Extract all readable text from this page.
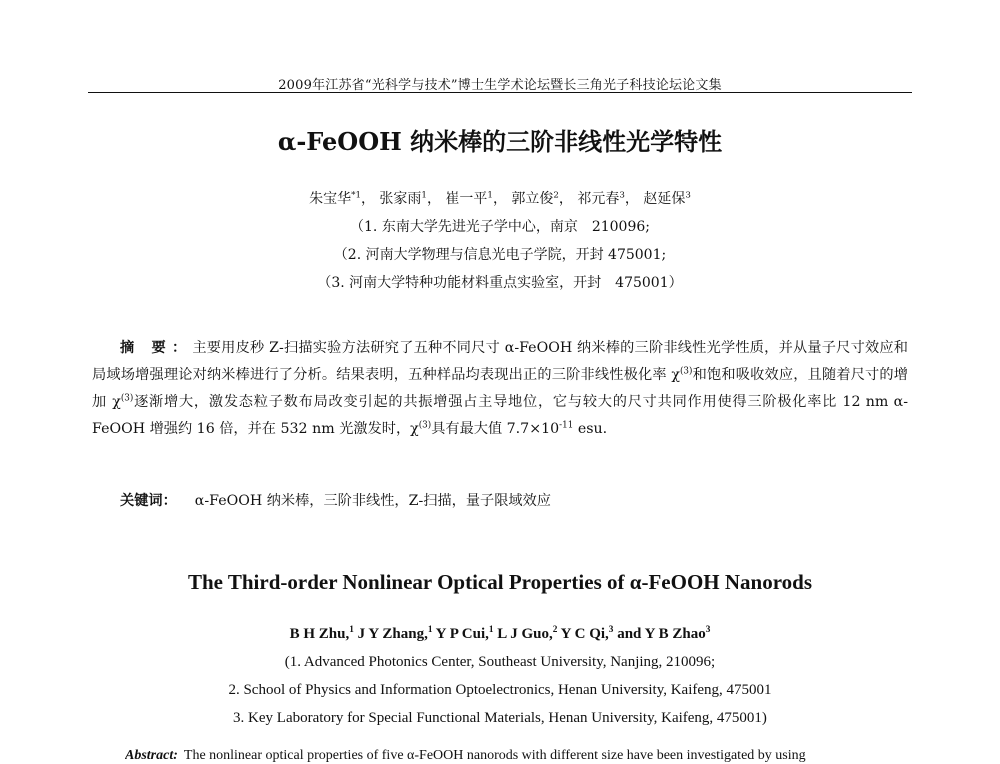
2009年江苏省“光科学与技术”博士生学术论坛暨长三角光子科技论坛论文集
α-FeOOH 纳米棒的三阶非线性光学特性
朱宝华$^{*1}$， 张家雨$^1$， 崔一平$^1$， 郭立俊$^2$， 祁元春$^3$， 赵延保$^3$
（1. 东南大学先进光子学中心，南京　210096;
（2. 河南大学物理与信息光电子学院，开封 475001;
（3. 河南大学特种功能材料重点实验室，开封　475001）
摘 要：主要用皮秒 Z-扫描实验方法研究了五种不同尺寸 α-FeOOH 纳米棒的三阶非线性光学性质，并从量子尺寸效应和局域场增强理论对纳米棒进行了分析。结果表明，五种样品均表现出正的三阶非线性极化率 $\chi^{(3)}$和饱和吸收效应，且随着尺寸的增加 $\chi^{(3)}$逐渐增大，激发态粒子数布局改变引起的共振增强占主导地位，它与较大的尺寸共同作用使得三阶极化率比 12 nm α-FeOOH 增强约 16 倍，并在 532 nm 光激发时，$\chi^{(3)}$具有最大值 $7.7\times 10^{-11}$ esu.
关键词： α-FeOOH 纳米棒，三阶非线性，Z-扫描，量子限域效应
The Third-order Nonlinear Optical Properties of α-FeOOH Nanorods
B H Zhu,$^1$ J Y Zhang,$^1$ Y P Cui,$^1$ L J Guo,$^2$ Y C Qi,$^3$ and Y B Zhao$^3$
(1. Advanced Photonics Center, Southeast University, Nanjing, 210096;
2. School of Physics and Information Optoelectronics, Henan University, Kaifeng, 475001
3. Key Laboratory for Special Functional Materials, Henan University, Kaifeng, 475001)
Abstract: The nonlinear optical properties of five α-FeOOH nanorods with different size have been investigated by using
